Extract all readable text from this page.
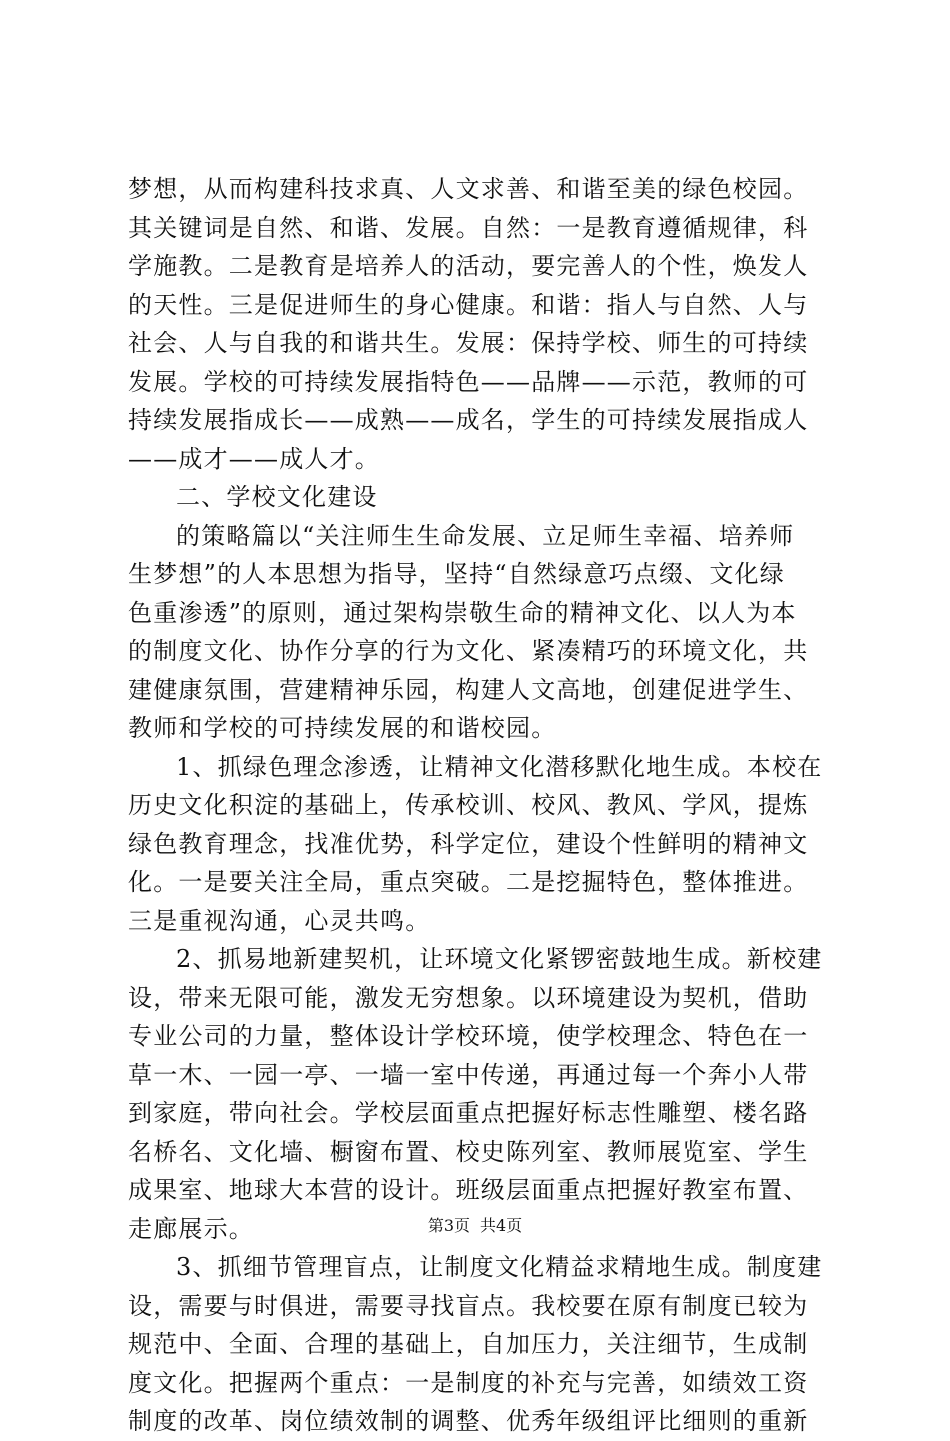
梦想，从而构建科技求真、人文求善、和谐至美的绿色校园。
其关键词是自然、和谐、发展。自然：一是教育遵循规律，科
学施教。二是教育是培养人的活动，要完善人的个性，焕发人
的天性。三是促进师生的身心健康。和谐：指人与自然、人与
社会、人与自我的和谐共生。发展：保持学校、师生的可持续
发展。学校的可持续发展指特色——品牌——示范，教师的可
持续发展指成长——成熟——成名，学生的可持续发展指成人
——成才——成人才。
二、学校文化建设
的策略篇以“关注师生生命发展、立足师生幸福、培养师
生梦想”的人本思想为指导，坚持“自然绿意巧点缀、文化绿
色重渗透”的原则，通过架构崇敬生命的精神文化、以人为本
的制度文化、协作分享的行为文化、紧凑精巧的环境文化，共
建健康氛围，营建精神乐园，构建人文高地，创建促进学生、
教师和学校的可持续发展的和谐校园。
1、抓绿色理念渗透，让精神文化潜移默化地生成。本校在
历史文化积淀的基础上，传承校训、校风、教风、学风，提炼
绿色教育理念，找准优势，科学定位，建设个性鲜明的精神文
化。一是要关注全局，重点突破。二是挖掘特色，整体推进。
三是重视沟通，心灵共鸣。
2、抓易地新建契机，让环境文化紧锣密鼓地生成。新校建
设，带来无限可能，激发无穷想象。以环境建设为契机，借助
专业公司的力量，整体设计学校环境，使学校理念、特色在一
草一木、一园一亭、一墙一室中传递，再通过每一个奔小人带
到家庭，带向社会。学校层面重点把握好标志性雕塑、楼名路
名桥名、文化墙、橱窗布置、校史陈列室、教师展览室、学生
成果室、地球大本营的设计。班级层面重点把握好教室布置、
走廊展示。
3、抓细节管理盲点，让制度文化精益求精地生成。制度建
设，需要与时俱进，需要寻找盲点。我校要在原有制度已较为
规范中、全面、合理的基础上，自加压力，关注细节，生成制
度文化。把握两个重点：一是制度的补充与完善，如绩效工资
制度的改革、岗位绩效制的调整、优秀年级组评比细则的重新
第3页 共4页
